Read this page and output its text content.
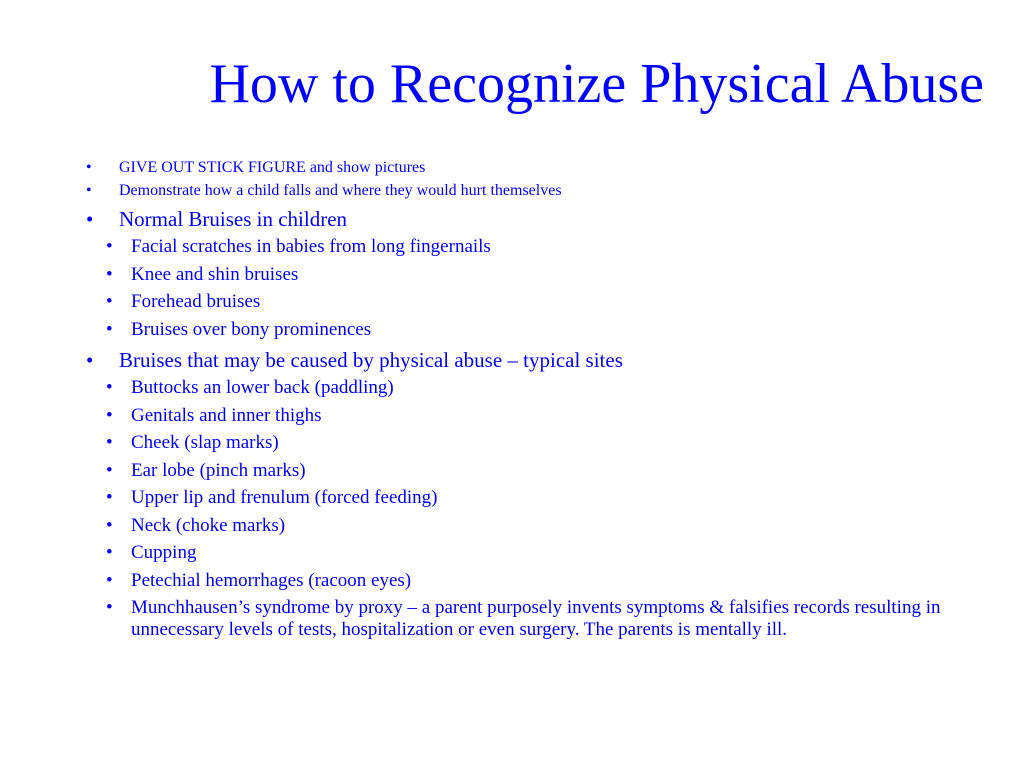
How to Recognize Physical Abuse
• GIVE OUT STICK FIGURE and show pictures
• Demonstrate how a child falls and where they would hurt themselves
• Normal Bruises in children
• Facial scratches in babies from long fingernails
• Knee and shin bruises
• Forehead bruises
• Bruises over bony prominences
• Bruises that may be caused by physical abuse – typical sites
• Buttocks an lower back (paddling)
• Genitals and inner thighs
• Cheek (slap marks)
• Ear lobe (pinch marks)
• Upper lip and frenulum (forced feeding)
• Neck (choke marks)
• Cupping
• Petechial hemorrhages (racoon eyes)
• Munchhausen’s syndrome by proxy – a parent purposely invents symptoms & falsifies records resulting in unnecessary levels of tests, hospitalization or even surgery. The parents is mentally ill.
